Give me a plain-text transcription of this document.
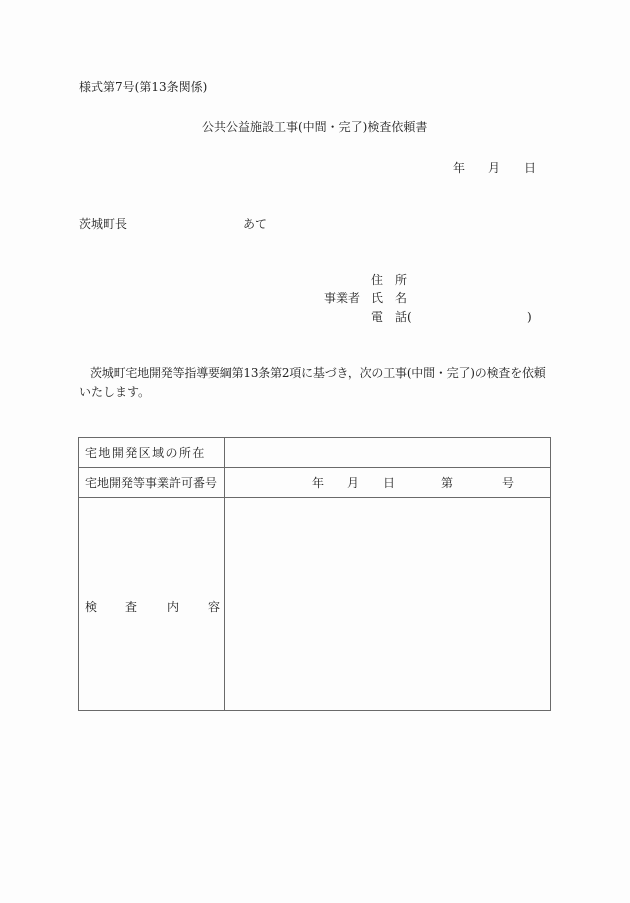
様式第7号(第13条関係)
公共公益施設工事(中間・完了)検査依頼書
年 月 日
茨城町長	あて
住　所
事業者 氏　名
電　話(	)
茨城町宅地開発等指導要綱第13条第2項に基づき，次の工事(中間・完了)の検査を依頼
いたします。
宅 地 開 発 区 域 の 所 在
宅地開発等事業許可番号	年 月 日	第	号
検 査 内 容
